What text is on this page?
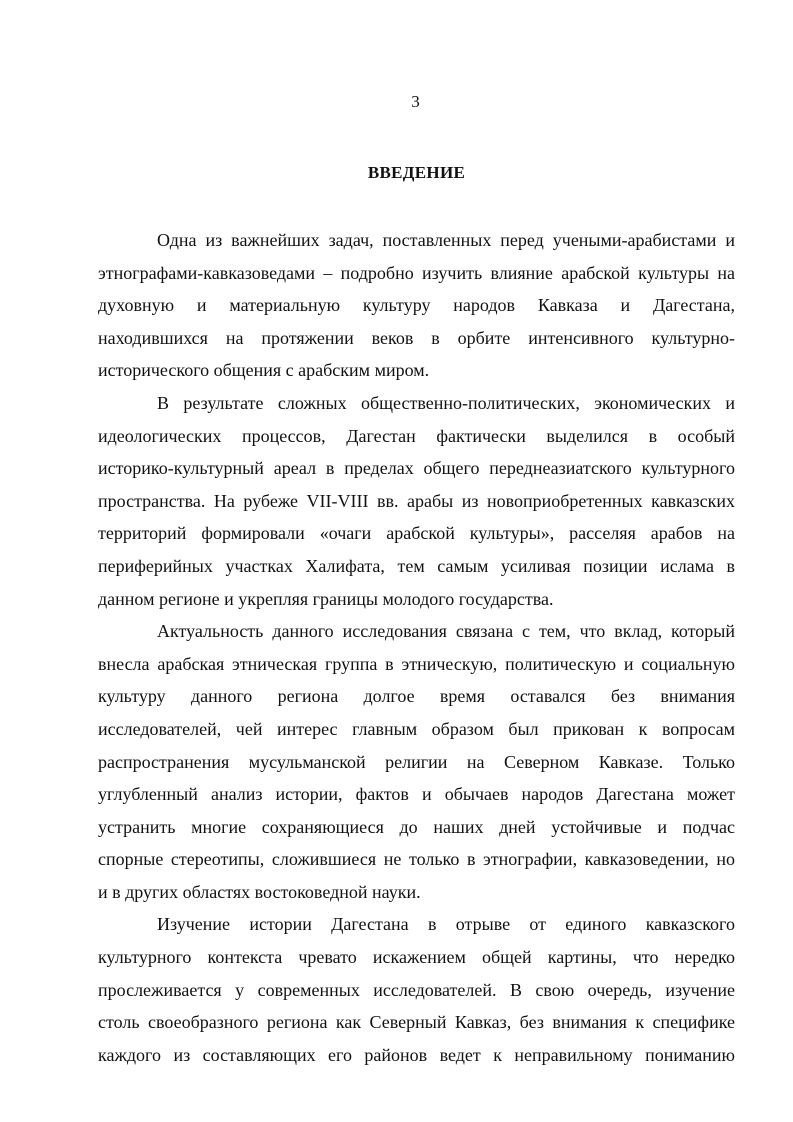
3
ВВЕДЕНИЕ
Одна из важнейших задач, поставленных перед учеными-арабистами и
этнографами-кавказоведами – подробно изучить влияние арабской культуры на
духовную и материальную культуру народов Кавказа и Дагестана,
находившихся на протяжении веков в орбите интенсивного культурно-
исторического общения с арабским миром.
В результате сложных общественно-политических, экономических и
идеологических процессов, Дагестан фактически выделился в особый
историко-культурный ареал в пределах общего переднеазиатского культурного
пространства. На рубеже VII-VIII вв. арабы из новоприобретенных кавказских
территорий формировали «очаги арабской культуры», расселяя арабов на
периферийных участках Халифата, тем самым усиливая позиции ислама в
данном регионе и укрепляя границы молодого государства.
Актуальность данного исследования связана с тем, что вклад, который
внесла арабская этническая группа в этническую, политическую и социальную
культуру данного региона долгое время оставался без внимания
исследователей, чей интерес главным образом был прикован к вопросам
распространения мусульманской религии на Северном Кавказе. Только
углубленный анализ истории, фактов и обычаев народов Дагестана может
устранить многие сохраняющиеся до наших дней устойчивые и подчас
спорные стереотипы, сложившиеся не только в этнографии, кавказоведении, но
и в других областях востоковедной науки.
Изучение истории Дагестана в отрыве от единого кавказского
культурного контекста чревато искажением общей картины, что нередко
прослеживается у современных исследователей. В свою очередь, изучение
столь своеобразного региона как Северный Кавказ, без внимания к специфике
каждого из составляющих его районов ведет к неправильному пониманию
